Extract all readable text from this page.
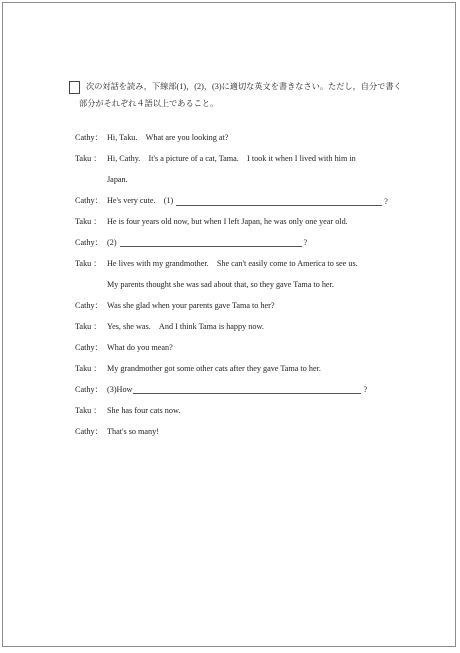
次の対話を読み，下線部(1)，(2)，(3)に適切な英文を書きなさい。ただし，自分で書く
部分がそれぞれ４語以上であること。
Cathy： Hi, Taku.　What are you looking at?
Taku ： Hi, Cathy.　It's a picture of a cat, Tama.　I took it when I lived with him in
Japan.
Cathy： He's very cute.　(1)	?
Taku ： He is four years old now, but when I left Japan, he was only one year old.
Cathy： (2)	?
Taku ： He lives with my grandmother.　She can't easily come to America to see us.
My parents thought she was sad about that, so they gave Tama to her.
Cathy： Was she glad when your parents gave Tama to her?
Taku ： Yes, she was.　And I think Tama is happy now.
Cathy： What do you mean?
Taku ： My grandmother got some other cats after they gave Tama to her.
Cathy： (3)How	?
Taku ： She has four cats now.
Cathy： That's so many!
